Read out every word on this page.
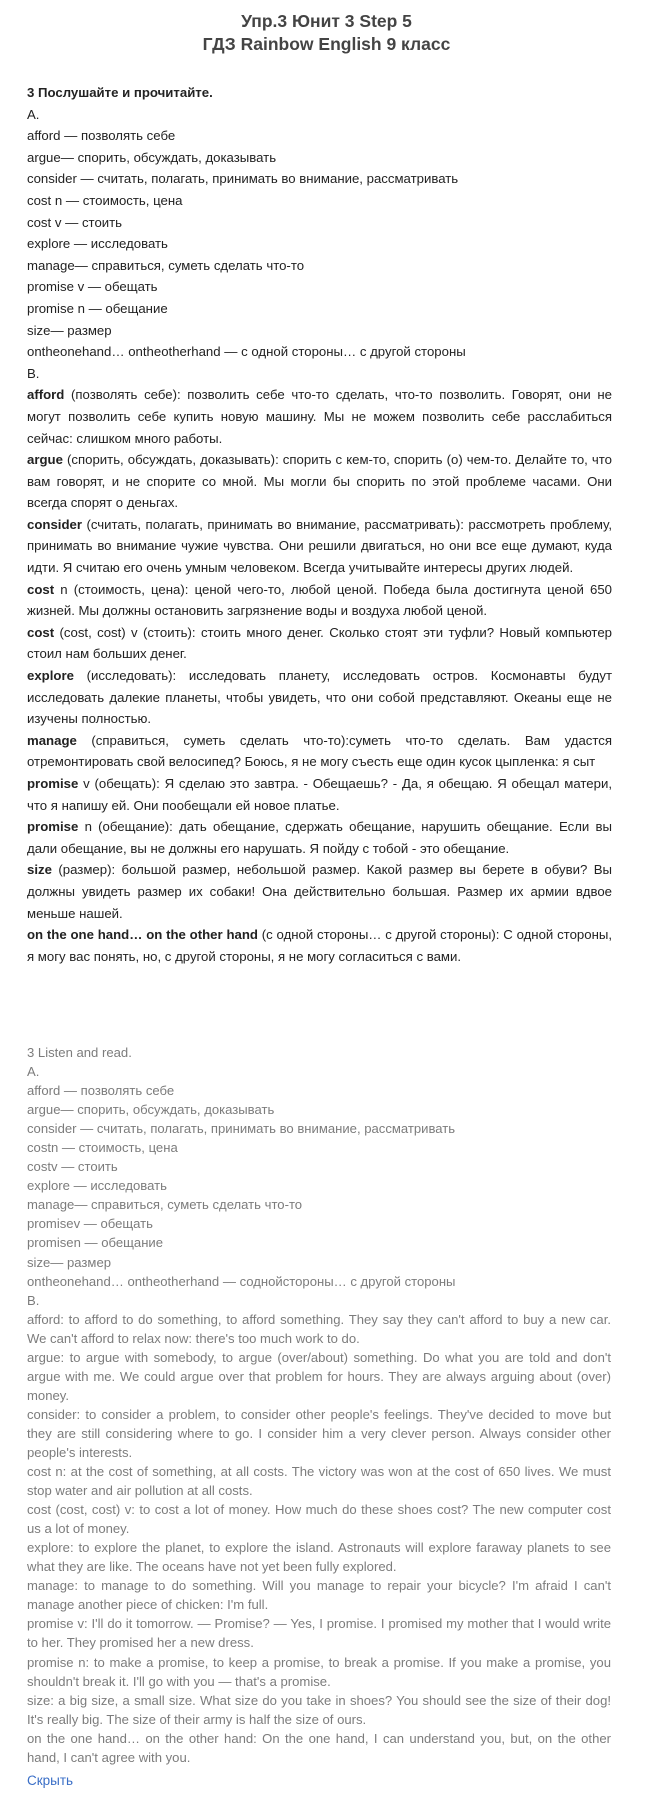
Упр.3 Юнит 3 Step 5
ГДЗ Rainbow English 9 класс
3 Послушайте и прочитайте.
А.
afford — позволять себе
argue— спорить, обсуждать, доказывать
consider — считать, полагать, принимать во внимание, рассматривать
cost n — стоимость, цена
cost v — стоить
explore — исследовать
manage— справиться, суметь сделать что-то
promise v — обещать
promise n — обещание
size— размер
ontheonehand… ontheotherhand — с одной стороны… с другой стороны
В.
afford (позволять себе): позволить себе что-то сделать, что-то позволить. Говорят, они не могут позволить себе купить новую машину. Мы не можем позволить себе расслабиться сейчас: слишком много работы.
argue (спорить, обсуждать, доказывать): спорить с кем-то, спорить (о) чем-то. Делайте то, что вам говорят, и не спорите со мной. Мы могли бы спорить по этой проблеме часами. Они всегда спорят о деньгах.
consider (считать, полагать, принимать во внимание, рассматривать): рассмотреть проблему, принимать во внимание чужие чувства. Они решили двигаться, но они все еще думают, куда идти. Я считаю его очень умным человеком. Всегда учитывайте интересы других людей.
cost n (стоимость, цена): ценой чего-то, любой ценой. Победа была достигнута ценой 650 жизней. Мы должны остановить загрязнение воды и воздуха любой ценой.
cost (cost, cost) v (стоить): стоить много денег. Сколько стоят эти туфли? Новый компьютер стоил нам больших денег.
explore (исследовать): исследовать планету, исследовать остров. Космонавты будут исследовать далекие планеты, чтобы увидеть, что они собой представляют. Океаны еще не изучены полностью.
manage (справиться, суметь сделать что-то):суметь что-то сделать. Вам удастся отремонтировать свой велосипед? Боюсь, я не могу съесть еще один кусок цыпленка: я сыт
promise v (обещать): Я сделаю это завтра. - Обещаешь? - Да, я обещаю. Я обещал матери, что я напишу ей. Они пообещали ей новое платье.
promise n (обещание): дать обещание, сдержать обещание, нарушить обещание. Если вы дали обещание, вы не должны его нарушать. Я пойду с тобой - это обещание.
size (размер): большой размер, небольшой размер. Какой размер вы берете в обуви? Вы должны увидеть размер их собаки! Она действительно большая. Размер их армии вдвое меньше нашей.
on the one hand… on the other hand (с одной стороны… с другой стороны): С одной стороны, я могу вас понять, но, с другой стороны, я не могу согласиться с вами.
3 Listen and read.
A.
afford — позволять себе
argue— спорить, обсуждать, доказывать
consider — считать, полагать, принимать во внимание, рассматривать
costn — стоимость, цена
costv — стоить
explore — исследовать
manage— справиться, суметь сделать что-то
promisev — обещать
promisen — обещание
size— размер
ontheonehand… ontheotherhand — соднойстороны… с другой стороны
B.
afford: to afford to do something, to afford something. They say they can't afford to buy a new car. We can't afford to relax now: there's too much work to do.
argue: to argue with somebody, to argue (over/about) something. Do what you are told and don't argue with me. We could argue over that problem for hours. They are always arguing about (over) money.
consider: to consider a problem, to consider other people's feelings. They've decided to move but they are still considering where to go. I consider him a very clever person. Always consider other people's interests.
cost n: at the cost of something, at all costs. The victory was won at the cost of 650 lives. We must stop water and air pollution at all costs.
cost (cost, cost) v: to cost a lot of money. How much do these shoes cost? The new computer cost us a lot of money.
explore: to explore the planet, to explore the island. Astronauts will explore faraway planets to see what they are like. The oceans have not yet been fully explored.
manage: to manage to do something. Will you manage to repair your bicycle? I'm afraid I can't manage another piece of chicken: I'm full.
promise v: I'll do it tomorrow. — Promise? — Yes, I promise. I promised my mother that I would write to her. They promised her a new dress.
promise n: to make a promise, to keep a promise, to break a promise. If you make a promise, you shouldn't break it. I'll go with you — that's a promise.
size: a big size, a small size. What size do you take in shoes? You should see the size of their dog! It's really big. The size of their army is half the size of ours.
on the one hand… on the other hand: On the one hand, I can understand you, but, on the other hand, I can't agree with you.
Скрыть
